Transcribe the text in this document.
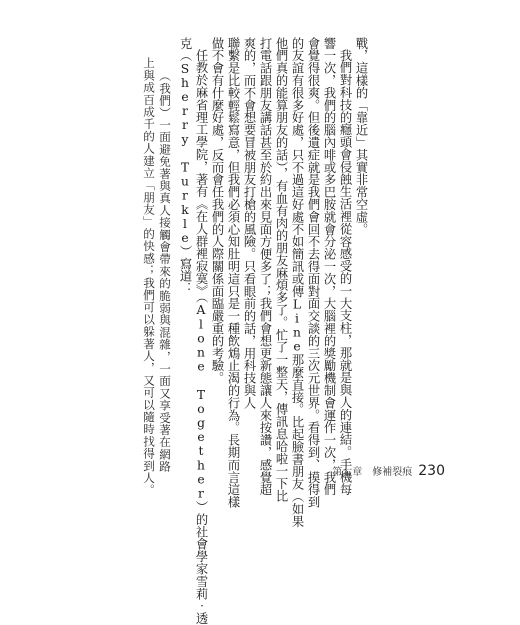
戰，這樣的「靠近」其實非常空虛。
我們對科技的癮頭會侵蝕生活裡從容感受的一大支柱，那就是與人的連結。手機每
響一次，我們的腦內啡或多巴胺就會分泌一次，大腦裡的獎勵機制會運作一次，我們
會覺得很爽。但後遺症就是我們會回不去得面對面交談的三次元世界。看得到、摸得到
的友誼有很多好處，只不過這好處不如簡訊或傳Line那麼直接。比起臉書朋友（如果
他們真的能算朋友的話），有血有肉的朋友麻煩多了。忙了一整天，傳訊息哈啦一下比
打電話跟朋友講話甚至於約出來見面方便多了；我們會想更新態讓人來按讚，感覺超
爽的，而不會想要冒被朋友打槍的風險。只看眼前的話，用科技與人
聯繫是比較輕鬆寫意，但我們必須心知肚明這只是一種飲鴆止渴的行為。長期而言這樣
做不會有什麼好處，反而會任我們的人際關係面臨嚴重的考驗。
任教於麻省理工學院，著有《在人群裡寂寞》（Alone Together）的社會學家雪莉‧透
克（Sherry Turkle）寫道：
（我們）一面避免著與真人接觸會帶來的脆弱與混雜，一面又享受著在網路
上與成百成千的人建立「朋友」的快感；我們可以躲著人，又可以隨時找得到人。	第七章　修補裂痕 230
